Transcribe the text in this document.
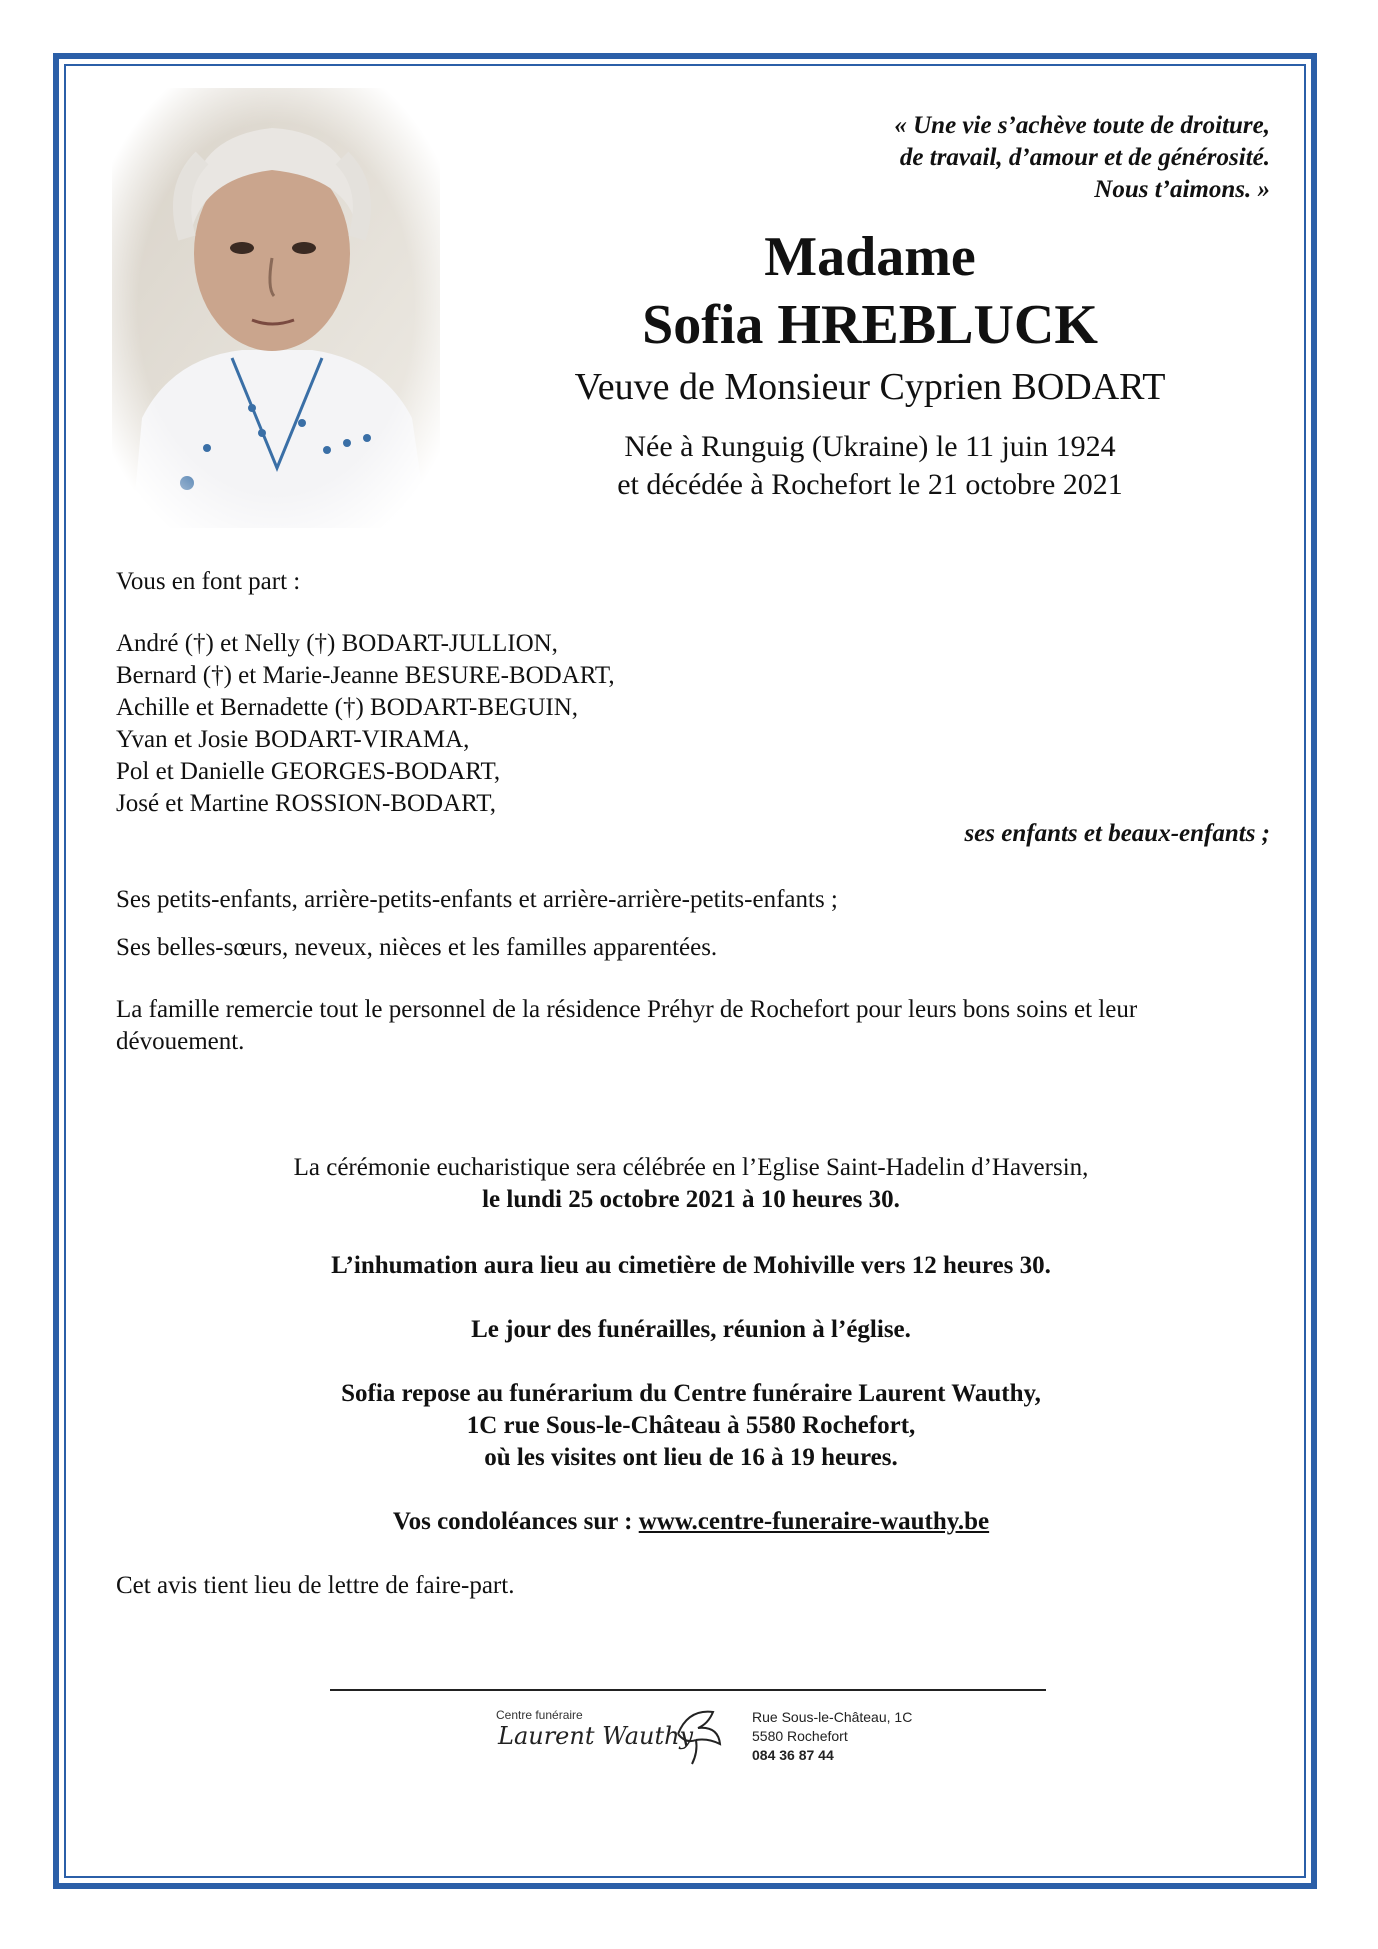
« Une vie s’achève toute de droiture,
de travail, d’amour et de générosité.
Nous t’aimons. »
Madame
Sofia HREBLUCK
Veuve de Monsieur Cyprien BODART
Née à Runguig (Ukraine) le 11 juin 1924
et décédée à Rochefort le 21 octobre 2021
Vous en font part :
André (†) et Nelly (†) BODART-JULLION,
Bernard (†) et Marie-Jeanne BESURE-BODART,
Achille et Bernadette (†) BODART-BEGUIN,
Yvan et Josie BODART-VIRAMA,
Pol et Danielle GEORGES-BODART,
José et Martine ROSSION-BODART,
ses enfants et beaux-enfants ;
Ses petits-enfants, arrière-petits-enfants et arrière-arrière-petits-enfants ;
Ses belles-sœurs, neveux, nièces et les familles apparentées.
La famille remercie tout le personnel de la résidence Préhyr de Rochefort pour leurs bons soins et leur
dévouement.
La cérémonie eucharistique sera célébrée en l’Eglise Saint-Hadelin d’Haversin,
le lundi 25 octobre 2021 à 10 heures 30.
L’inhumation aura lieu au cimetière de Mohiville vers 12 heures 30.
Le jour des funérailles, réunion à l’église.
Sofia repose au funérarium du Centre funéraire Laurent Wauthy,
1C rue Sous-le-Château à 5580 Rochefort,
où les visites ont lieu de 16 à 19 heures.
Vos condoléances sur : www.centre-funeraire-wauthy.be
Cet avis tient lieu de lettre de faire-part.
Centre funéraire
Laurent Wauthy
Rue Sous-le-Château, 1C
5580 Rochefort
084 36 87 44
